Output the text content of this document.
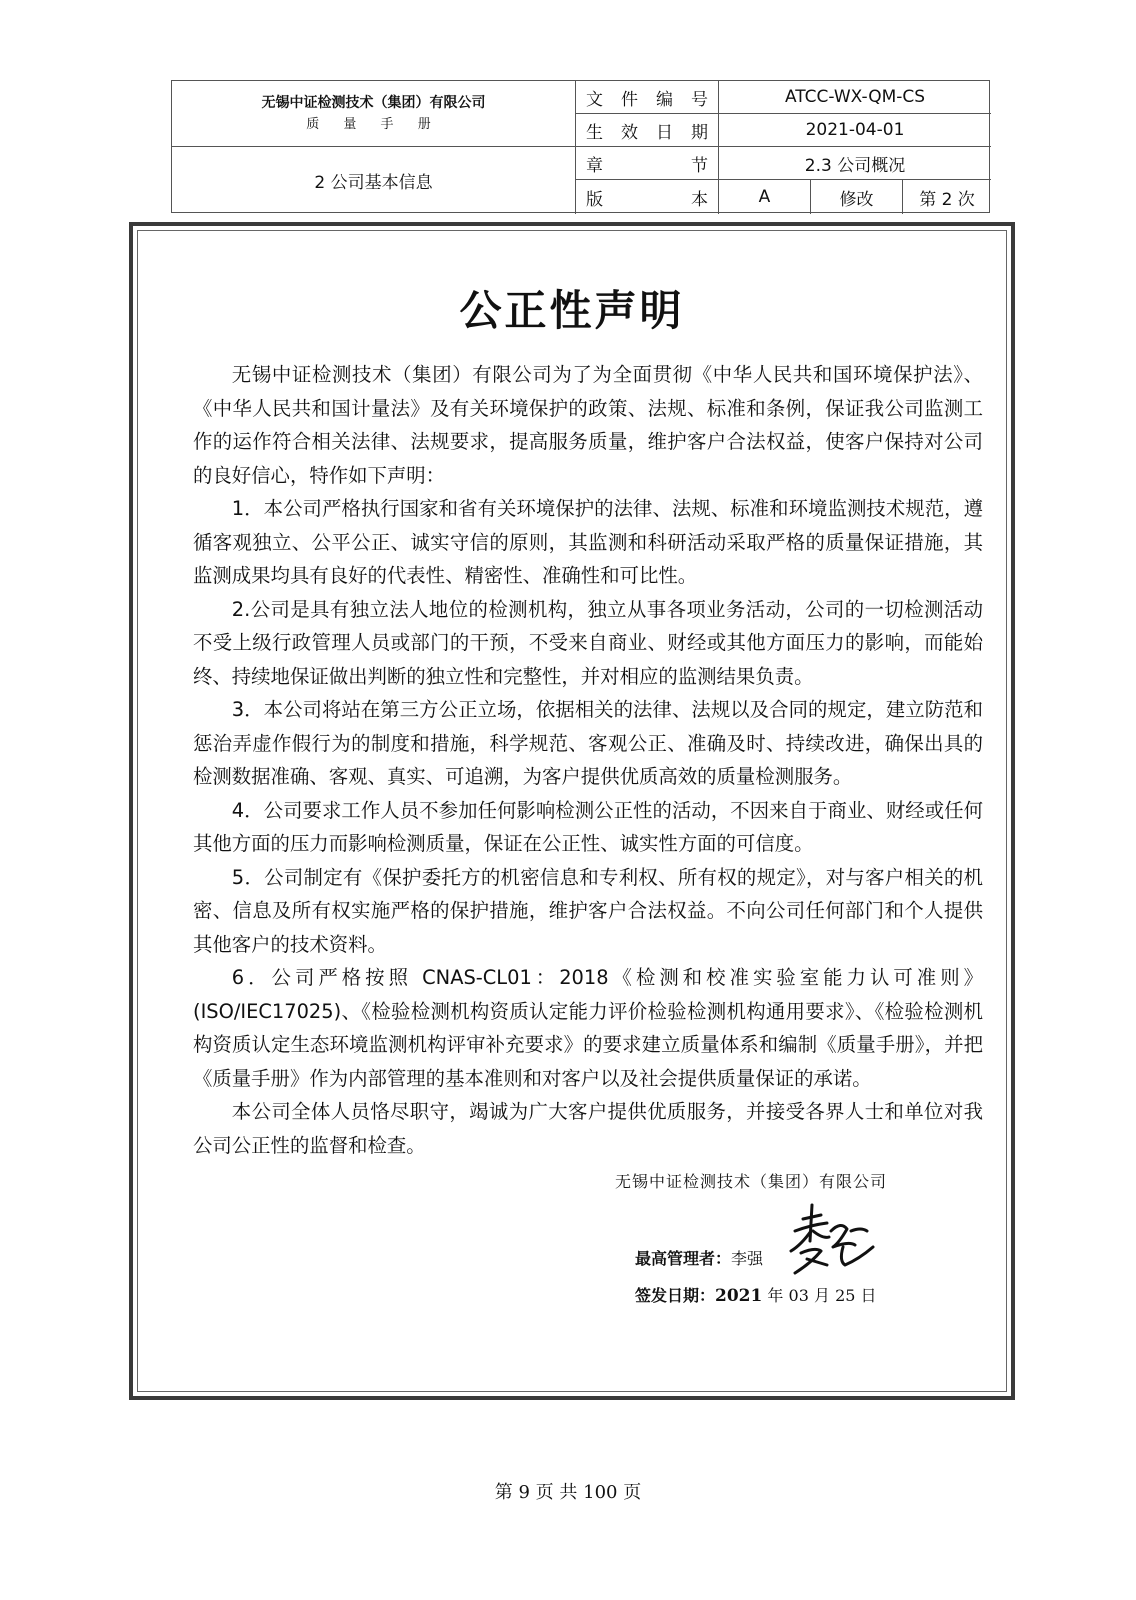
无锡中证检测技术（集团）有限公司
质 量 手 册
2 公司基本信息
文 件 编 号	ATCC-WX-QM-CS
生 效 日 期	2021-04-01
章	节	2.3 公司概况
版	本	A	修改	第 2 次
公正性声明

无锡中证检测技术（集团）有限公司为了为全面贯彻《中华人民共和国环境保护法》、《中华人民共和国计量法》及有关环境保护的政策、法规、标准和条例，保证我公司监测工作的运作符合相关法律、法规要求，提高服务质量，维护客户合法权益，使客户保持对公司的良好信心，特作如下声明：

1．本公司严格执行国家和省有关环境保护的法律、法规、标准和环境监测技术规范，遵循客观独立、公平公正、诚实守信的原则，其监测和科研活动采取严格的质量保证措施，其监测成果均具有良好的代表性、精密性、准确性和可比性。

2.公司是具有独立法人地位的检测机构，独立从事各项业务活动，公司的一切检测活动不受上级行政管理人员或部门的干预，不受来自商业、财经或其他方面压力的影响，而能始终、持续地保证做出判断的独立性和完整性，并对相应的监测结果负责。

3．本公司将站在第三方公正立场，依据相关的法律、法规以及合同的规定，建立防范和惩治弄虚作假行为的制度和措施，科学规范、客观公正、准确及时、持续改进，确保出具的检测数据准确、客观、真实、可追溯，为客户提供优质高效的质量检测服务。

4．公司要求工作人员不参加任何影响检测公正性的活动，不因来自于商业、财经或任何其他方面的压力而影响检测质量，保证在公正性、诚实性方面的可信度。

5．公司制定有《保护委托方的机密信息和专利权、所有权的规定》，对与客户相关的机密、信息及所有权实施严格的保护措施，维护客户合法权益。不向公司任何部门和个人提供其他客户的技术资料。

6．公司严格按照 CNAS-CL01：2018《检测和校准实验室能力认可准则》(ISO/IEC17025)、《检验检测机构资质认定能力评价检验检测机构通用要求》、《检验检测机构资质认定生态环境监测机构评审补充要求》的要求建立质量体系和编制《质量手册》，并把《质量手册》作为内部管理的基本准则和对客户以及社会提供质量保证的承诺。

本公司全体人员恪尽职守，竭诚为广大客户提供优质服务，并接受各界人士和单位对我公司公正性的监督和检查。

无锡中证检测技术（集团）有限公司
最高管理者：李强
签发日期：2021 年 03 月 25 日
第 9 页 共 100 页
